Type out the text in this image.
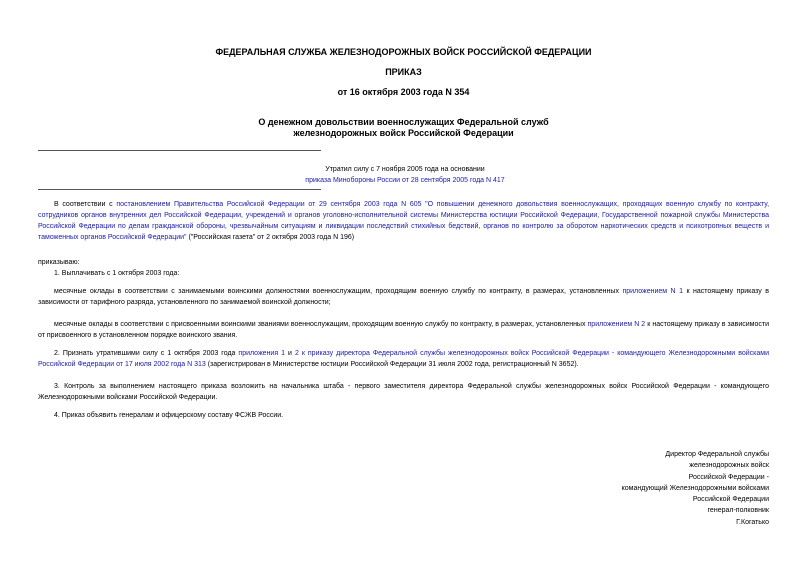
ФЕДЕРАЛЬНАЯ СЛУЖБА ЖЕЛЕЗНОДОРОЖНЫХ ВОЙСК РОССИЙСКОЙ ФЕДЕРАЦИИ
ПРИКАЗ
от 16 октября 2003 года N 354
О денежном довольствии военнослужащих Федеральной служб
железнодорожных войск Российской Федерации
Утратил силу с 7 ноября 2005 года на основании
приказа Минобороны России от 28 сентября 2005 года N 417
В соответствии с постановлением Правительства Российской Федерации от 29 сентября 2003 года N 605 "О повышении денежного довольствия военнослужащих, проходящих военную службу по контракту, сотрудников органов внутренних дел Российской Федерации, учреждений и органов уголовно-исполнительной системы Министерства юстиции Российской Федерации, Государственной пожарной службы Министерства Российской Федерации по делам гражданской обороны, чрезвычайным ситуациям и ликвидации последствий стихийных бедствий, органов по контролю за оборотом наркотических средств и психотропных веществ и таможенных органов Российской Федерации" ("Российская газета" от 2 октября 2003 года N 196)
приказываю:
1. Выплачивать с 1 октября 2003 года:
месячные оклады в соответствии с занимаемыми воинскими должностями военнослужащим, проходящим военную службу по контракту, в размерах, установленных приложением N 1 к настоящему приказу в зависимости от тарифного разряда, установленного по занимаемой воинской должности;
месячные оклады в соответствии с присвоенными воинскими званиями военнослужащим, проходящим военную службу по контракту, в размерах, установленных приложением N 2 к настоящему приказу в зависимости от присвоенного в установленном порядке воинского звания.
2. Признать утратившими силу с 1 октября 2003 года приложения 1 и 2 к приказу директора Федеральной службы железнодорожных войск Российской Федерации - командующего Железнодорожными войсками Российской Федерации от 17 июля 2002 года N 313 (зарегистрирован в Министерстве юстиции Российской Федерации 31 июля 2002 года, регистрационный N 3652).
3. Контроль за выполнением настоящего приказа возложить на начальника штаба - первого заместителя директора Федеральной службы железнодорожных войск Российской Федерации - командующего Железнодорожными войсками Российской Федерации.
4. Приказ объявить генералам и офицерскому составу ФСЖВ России.
Директор Федеральной службы
железнодорожных войск
Российской Федерации -
командующий Железнодорожными войсками
Российской Федерации
генерал-полковник
Г.Когатько
